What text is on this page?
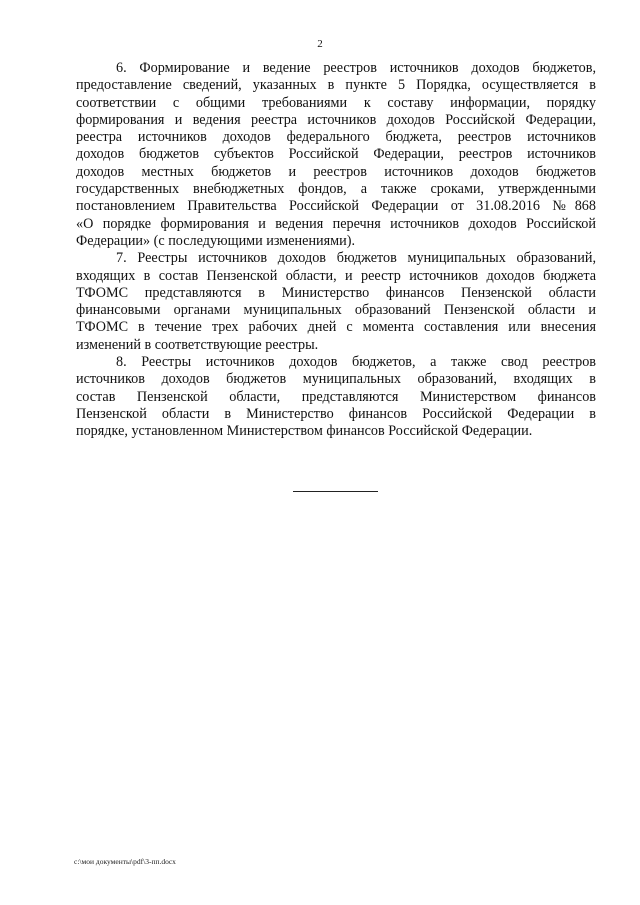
2
6. Формирование и ведение реестров источников доходов бюджетов,
предоставление сведений, указанных в пункте 5 Порядка, осуществляется в
соответствии с общими требованиями к составу информации, порядку
формирования и ведения реестра источников доходов Российской Федерации,
реестра источников доходов федерального бюджета, реестров источников
доходов бюджетов субъектов Российской Федерации, реестров источников
доходов местных бюджетов и реестров источников доходов бюджетов
государственных внебюджетных фондов, а также сроками, утвержденными
постановлением Правительства Российской Федерации от 31.08.2016 №868
«О порядке формирования и ведения перечня источников доходов Российской
Федерации» (с последующими изменениями).
7. Реестры источников доходов бюджетов муниципальных образований,
входящих в состав Пензенской области, и реестр источников доходов бюджета
ТФОМС представляются в Министерство финансов Пензенской области
финансовыми органами муниципальных образований Пензенской области и
ТФОМС в течение трех рабочих дней с момента составления или внесения
изменений в соответствующие реестры.
8. Реестры источников доходов бюджетов, а также свод реестров
источников доходов бюджетов муниципальных образований, входящих в
состав Пензенской области, представляются Министерством финансов
Пензенской области в Министерство финансов Российской Федерации в
порядке, установленном Министерством финансов Российской Федерации.
c:\мои документы\pdf\3-пп.docx
